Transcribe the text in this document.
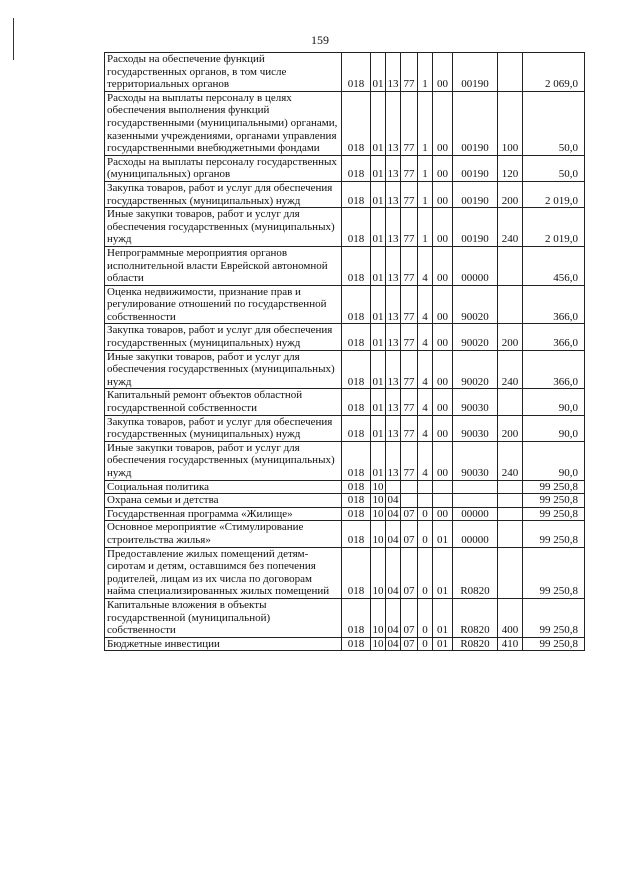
159
Расходы на обеспечение функций государственных органов, в том числе территориальных органов	018	01	13	77	1	00	00190		2 069,0
Расходы на выплаты персоналу в целях обеспечения выполнения функций государственными (муниципальными) органами, казенными учреждениями, органами управления государственными внебюджетными фондами	018	01	13	77	1	00	00190	100	50,0
Расходы на выплаты персоналу государственных (муниципальных) органов	018	01	13	77	1	00	00190	120	50,0
Закупка товаров, работ и услуг для обеспечения государственных (муниципальных) нужд	018	01	13	77	1	00	00190	200	2 019,0
Иные закупки товаров, работ и услуг для обеспечения государственных (муниципальных) нужд	018	01	13	77	1	00	00190	240	2 019,0
Непрограммные мероприятия органов исполнительной власти Еврейской автономной области	018	01	13	77	4	00	00000		456,0
Оценка недвижимости, признание прав и регулирование отношений по государственной собственности	018	01	13	77	4	00	90020		366,0
Закупка товаров, работ и услуг для обеспечения государственных (муниципальных) нужд	018	01	13	77	4	00	90020	200	366,0
Иные закупки товаров, работ и услуг для обеспечения государственных (муниципальных) нужд	018	01	13	77	4	00	90020	240	366,0
Капитальный ремонт объектов областной государственной собственности	018	01	13	77	4	00	90030		90,0
Закупка товаров, работ и услуг для обеспечения государственных (муниципальных) нужд	018	01	13	77	4	00	90030	200	90,0
Иные закупки товаров, работ и услуг для обеспечения государственных (муниципальных) нужд	018	01	13	77	4	00	90030	240	90,0
Социальная политика	018	10							99 250,8
Охрана семьи и детства	018	10	04						99 250,8
Государственная программа «Жилище»	018	10	04	07	0	00	00000		99 250,8
Основное мероприятие «Стимулирование строительства жилья»	018	10	04	07	0	01	00000		99 250,8
Предоставление жилых помещений детям-сиротам и детям, оставшимся без попечения родителей, лицам из их числа по договорам найма специализированных жилых помещений	018	10	04	07	0	01	R0820		99 250,8
Капитальные вложения в объекты государственной (муниципальной) собственности	018	10	04	07	0	01	R0820	400	99 250,8
Бюджетные инвестиции	018	10	04	07	0	01	R0820	410	99 250,8
